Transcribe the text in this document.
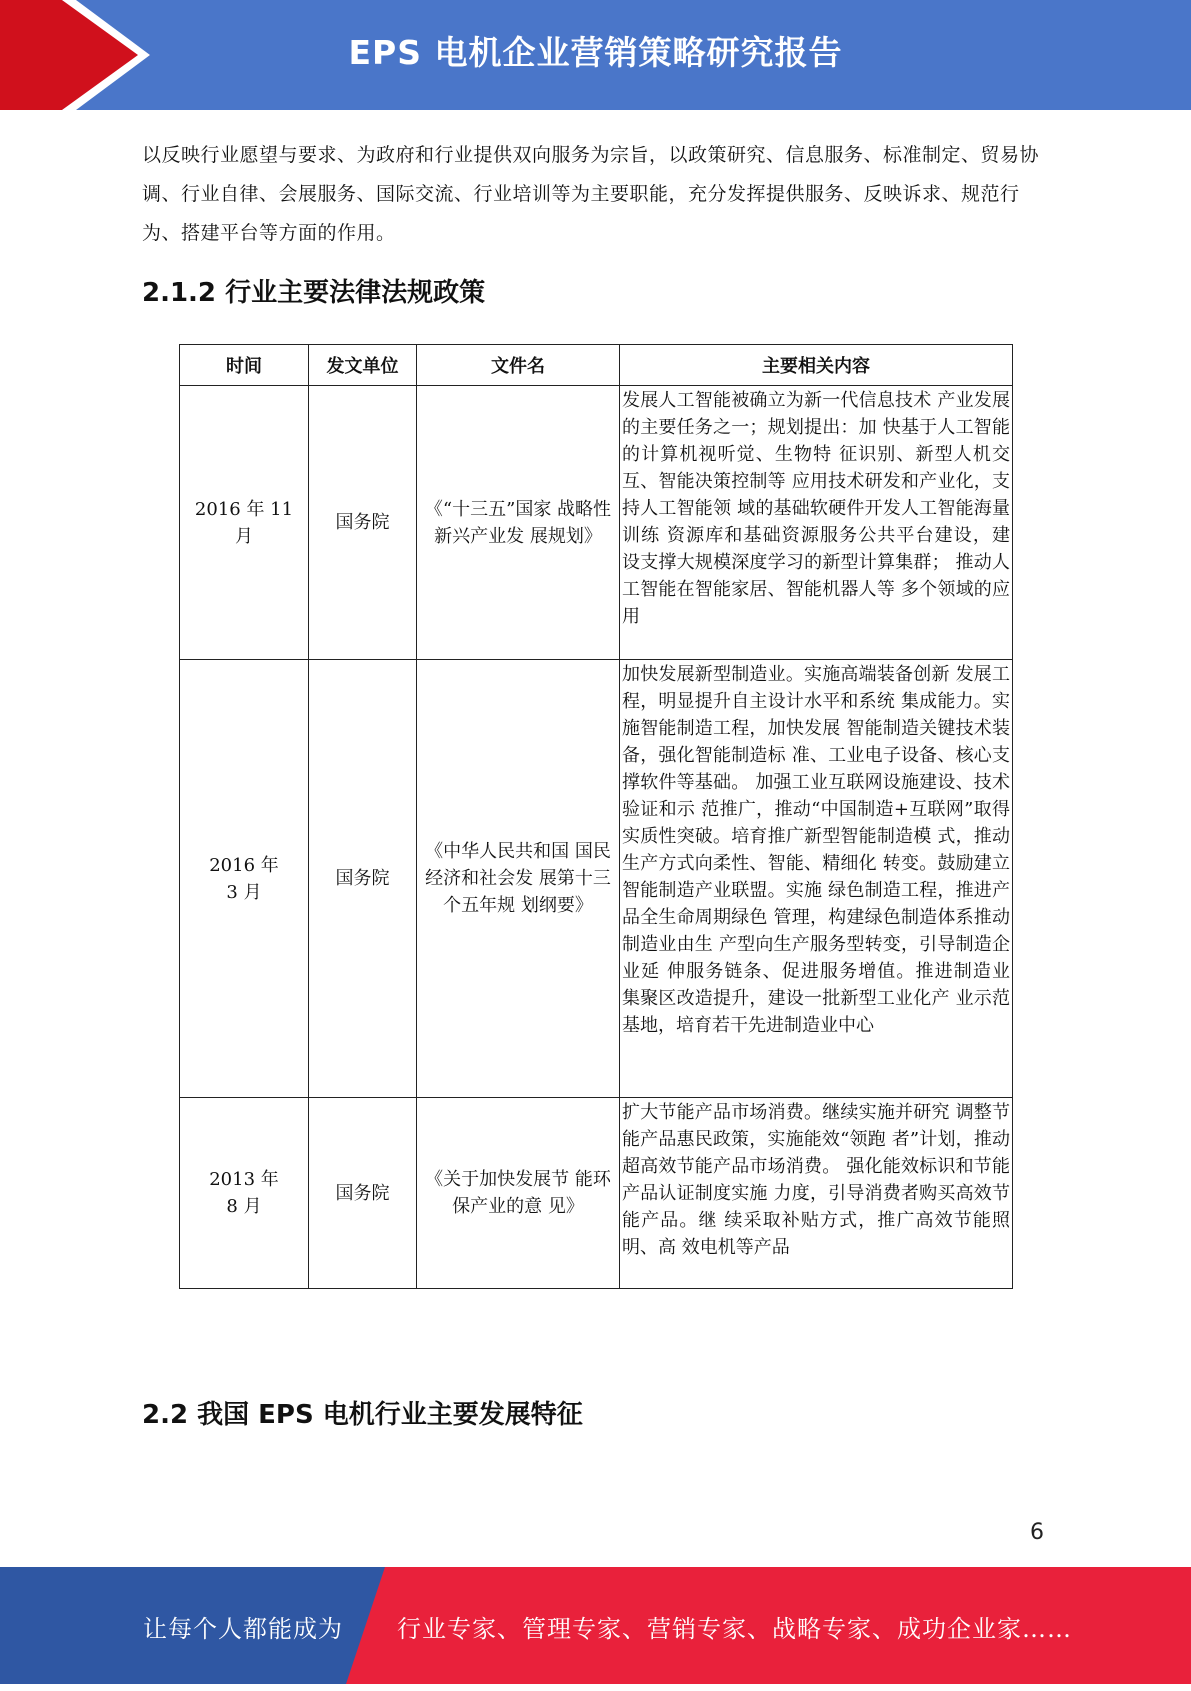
EPS 电机企业营销策略研究报告
以反映行业愿望与要求、为政府和行业提供双向服务为宗旨，以政策研究、信息服务、标准制定、贸易协调、行业自律、会展服务、国际交流、行业培训等为主要职能，充分发挥提供服务、反映诉求、规范行为、搭建平台等方面的作用。
2.1.2 行业主要法律法规政策
时间	发文单位	文件名	主要相关内容
2016 年 11 月	国务院	《“十三五”国家 战略性新兴产业发 展规划》	发展人工智能被确立为新一代信息技术 产业发展的主要任务之一；规划提出：加 快基于人工智能的计算机视听觉、生物特 征识别、新型人机交互、智能决策控制等 应用技术研发和产业化，支持人工智能领 域的基础软硬件开发人工智能海量训练 资源库和基础资源服务公共平台建设，建 设支撑大规模深度学习的新型计算集群； 推动人工智能在智能家居、智能机器人等 多个领域的应用
2016 年 3 月	国务院	《中华人民共和国 国民经济和社会发 展第十三个五年规 划纲要》	加快发展新型制造业。实施高端装备创新 发展工程，明显提升自主设计水平和系统 集成能力。实施智能制造工程，加快发展 智能制造关键技术装备，强化智能制造标 准、工业电子设备、核心支撑软件等基础。 加强工业互联网设施建设、技术验证和示 范推广，推动“中国制造+互联网”取得 实质性突破。培育推广新型智能制造模 式，推动生产方式向柔性、智能、精细化 转变。鼓励建立智能制造产业联盟。实施 绿色制造工程，推进产品全生命周期绿色 管理，构建绿色制造体系推动制造业由生 产型向生产服务型转变，引导制造企业延 伸服务链条、促进服务增值。推进制造业 集聚区改造提升，建设一批新型工业化产 业示范基地，培育若干先进制造业中心
2013 年 8 月	国务院	《关于加快发展节 能环保产业的意 见》	扩大节能产品市场消费。继续实施并研究 调整节能产品惠民政策，实施能效“领跑 者”计划，推动超高效节能产品市场消费。 强化能效标识和节能产品认证制度实施 力度，引导消费者购买高效节能产品。继 续采取补贴方式，推广高效节能照明、高 效电机等产品
2.2 我国 EPS 电机行业主要发展特征
6
让每个人都能成为 行业专家、管理专家、营销专家、战略专家、成功企业家……
